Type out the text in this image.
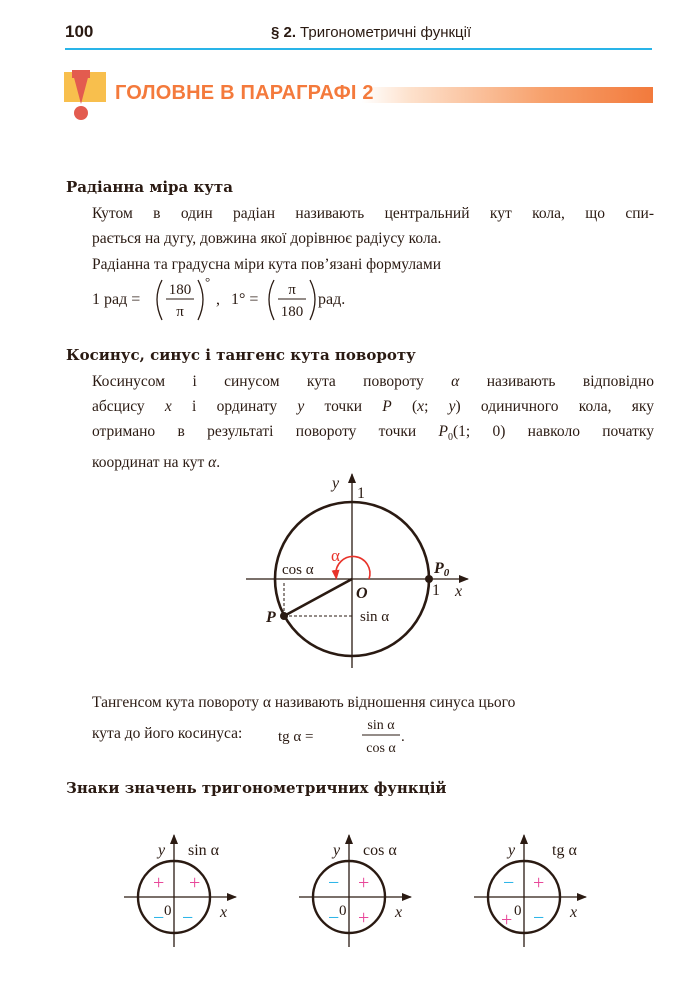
100	§ 2. Тригонометричні функції
ГОЛОВНЕ В ПАРАГРАФІ 2
Радіанна міра кута
Кутом в один радіан називають центральний кут кола, що спи-
рається на дугу, довжина якої дорівнює радіусу кола.
Радіанна та градусна міри кута пов’язані формулами
1 рад =
180
π
°
, 1° =
π
180
рад.
Косинус, синус і тангенс кута повороту
Косинусом і синусом кута повороту α називають відповідно
абсцису x і ординату y точки P (x; y) одиничного кола, яку
отримано в результаті повороту точки $P_0(1$; 0) навколо початку
координат на кут α.
α
y
1
1 x
O
P
P0
cos α
sin α
Тангенсом кута повороту α називають відношення синуса цього
кута до його косинуса: tg α =
sin α
cos α
.
Знаки значень тригонометричних функцій
y sin α
x
0
+
+
− −
y cos α
x
0
+
−
− +
y tg α
x
0
+
−
+ −
